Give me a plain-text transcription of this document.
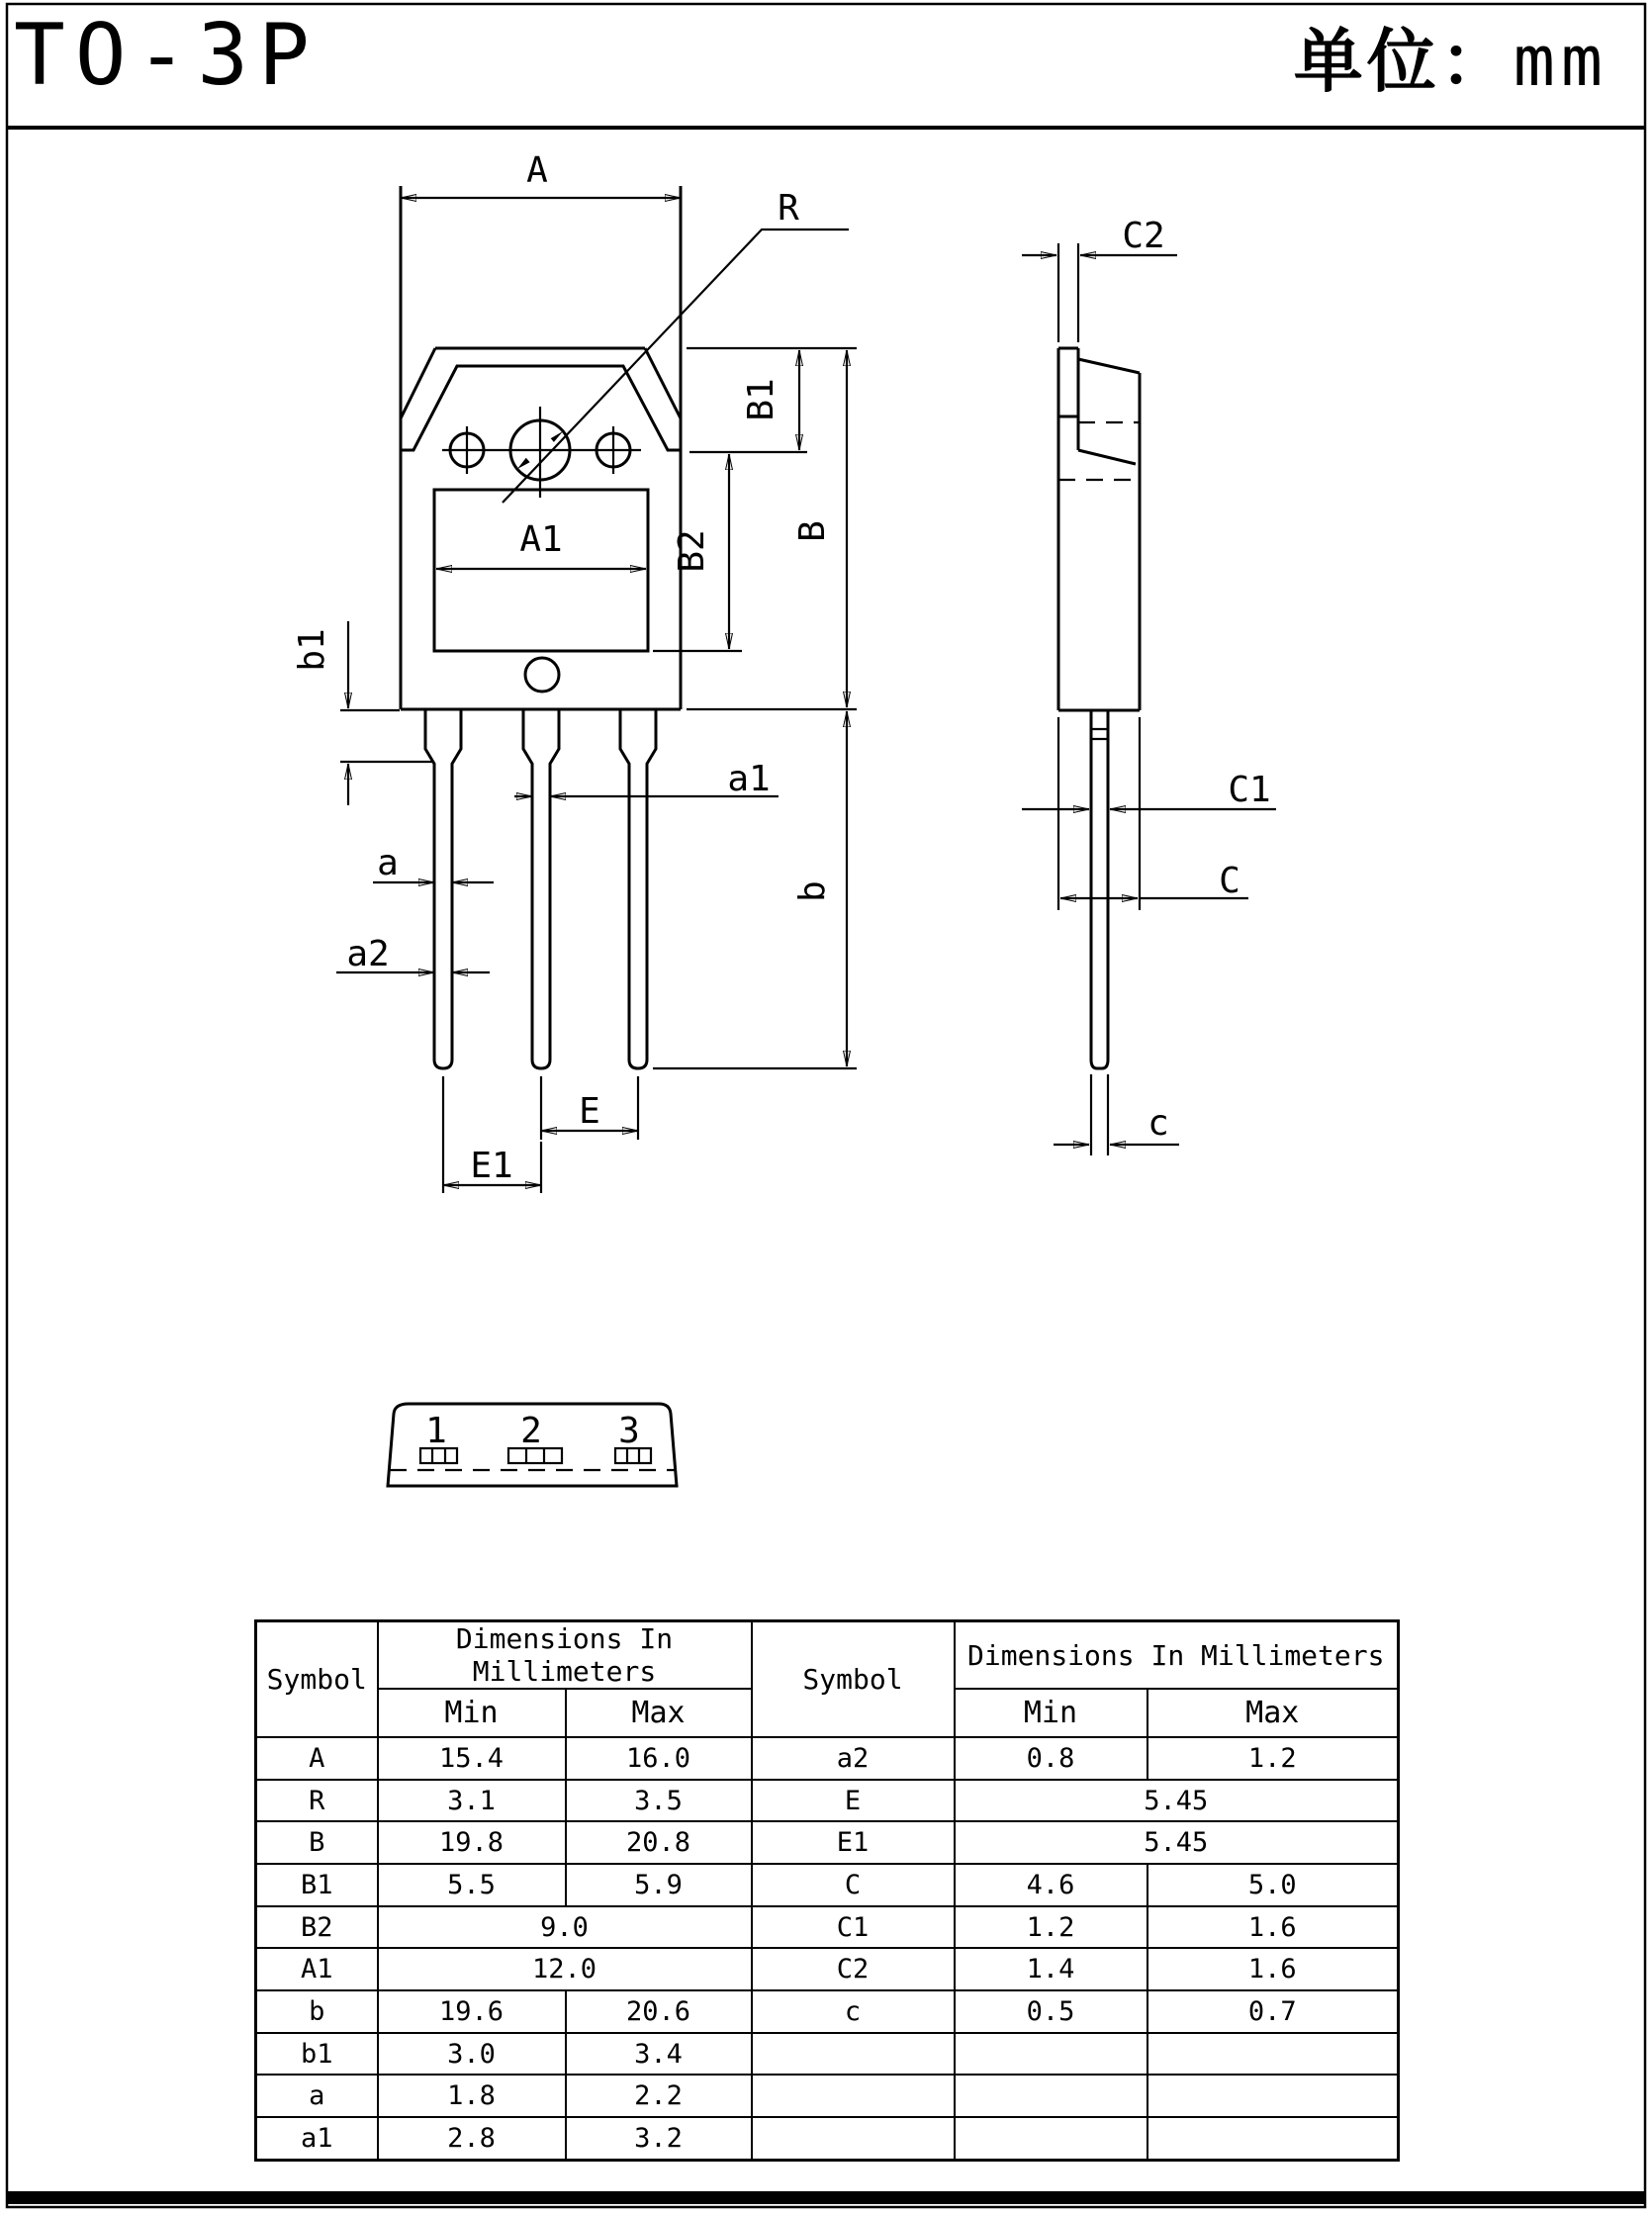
TO-3P	单位：mm
A
R
B1
B
B2
A1
b1
a
a2
a1
b
E
E1
C2
C1
C
c
1 2 3
Symbol	Dimensions In Millimeters		Symbol	Dimensions In Millimeters	
	Min	Max		Min	Max
A	15.4	16.0	a2	0.8	1.2
R	3.1	3.5	E	5.45	
B	19.8	20.8	E1	5.45	
B1	5.5	5.9	C	4.6	5.0
B2	9.0		C1	1.2	1.6
A1	12.0		C2	1.4	1.6
b	19.6	20.6	c	0.5	0.7
b1	3.0	3.4			
a	1.8	2.2			
a1	2.8	3.2			
